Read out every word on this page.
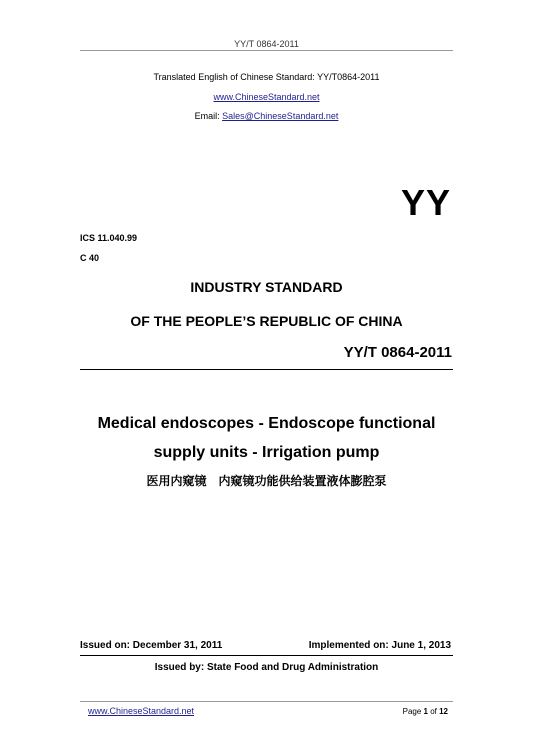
YY/T 0864-2011
Translated English of Chinese Standard: YY/T0864-2011
www.ChineseStandard.net
Email: Sales@ChineseStandard.net
YY
ICS 11.040.99
C 40
INDUSTRY STANDARD
OF THE PEOPLE’S REPUBLIC OF CHINA
YY/T 0864-2011
Medical endoscopes - Endoscope functional
supply units - Irrigation pump
医用内窥镜　内窥镜功能供给装置液体膨腔泵
Issued on: December 31, 2011	Implemented on: June 1, 2013
Issued by: State Food and Drug Administration
www.ChineseStandard.net	Page 1 of 12
